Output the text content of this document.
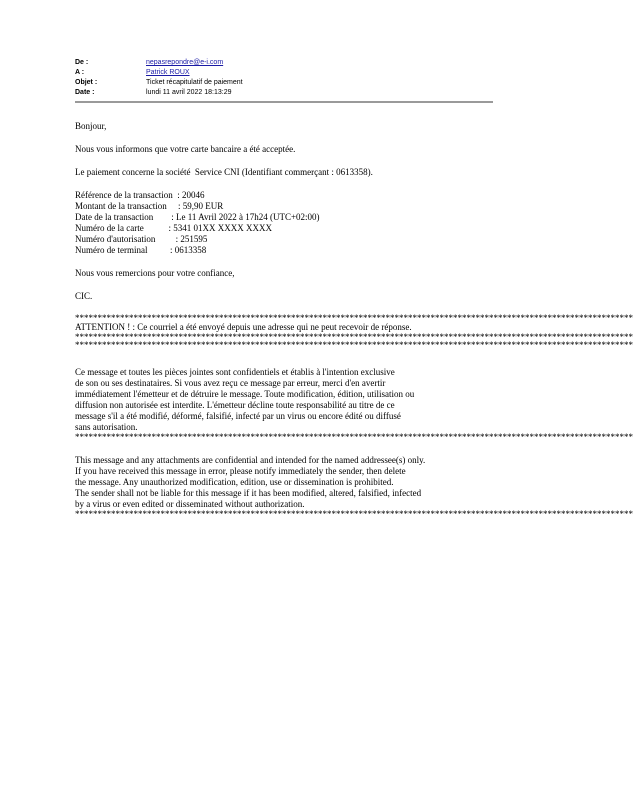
De :	nepasrepondre@e-i.com
A :	Patrick ROUX
Objet :	Ticket récapitulatif de paiement
Date :	lundi 11 avril 2022 18:13:29

Bonjour,

Nous vous informons que votre carte bancaire a été acceptée.

Le paiement concerne la société  Service CNI (Identifiant commerçant : 0613358).

Référence de la transaction : 20046
Montant de la transaction : 59,90 EUR
Date de la transaction : Le 11 Avril 2022 à 17h24 (UTC+02:00)
Numéro de la carte : 5341 01XX XXXX XXXX
Numéro d'autorisation : 251595
Numéro de terminal : 0613358

Nous vous remercions pour votre confiance,

CIC.

****************************************************************************************************************************

ATTENTION ! : Ce courriel a été envoyé depuis une adresse qui ne peut recevoir de réponse.

****************************************************************************************************************************
****************************************************************************************************************************

Ce message et toutes les pièces jointes sont confidentiels et établis à l'intention exclusive

de son ou ses destinataires. Si vous avez reçu ce message par erreur, merci d'en avertir

immédiatement l'émetteur et de détruire le message. Toute modification, édition, utilisation ou

diffusion non autorisée est interdite. L'émetteur décline toute responsabilité au titre de ce

message s'il a été modifié, déformé, falsifié, infecté par un virus ou encore édité ou diffusé

sans autorisation.

****************************************************************************************************************************

This message and any attachments are confidential and intended for the named addressee(s) only.

If you have received this message in error, please notify immediately the sender, then delete

the message. Any unauthorized modification, edition, use or dissemination is prohibited.

The sender shall not be liable for this message if it has been modified, altered, falsified, infected

by a virus or even edited or disseminated without authorization.

****************************************************************************************************************************
